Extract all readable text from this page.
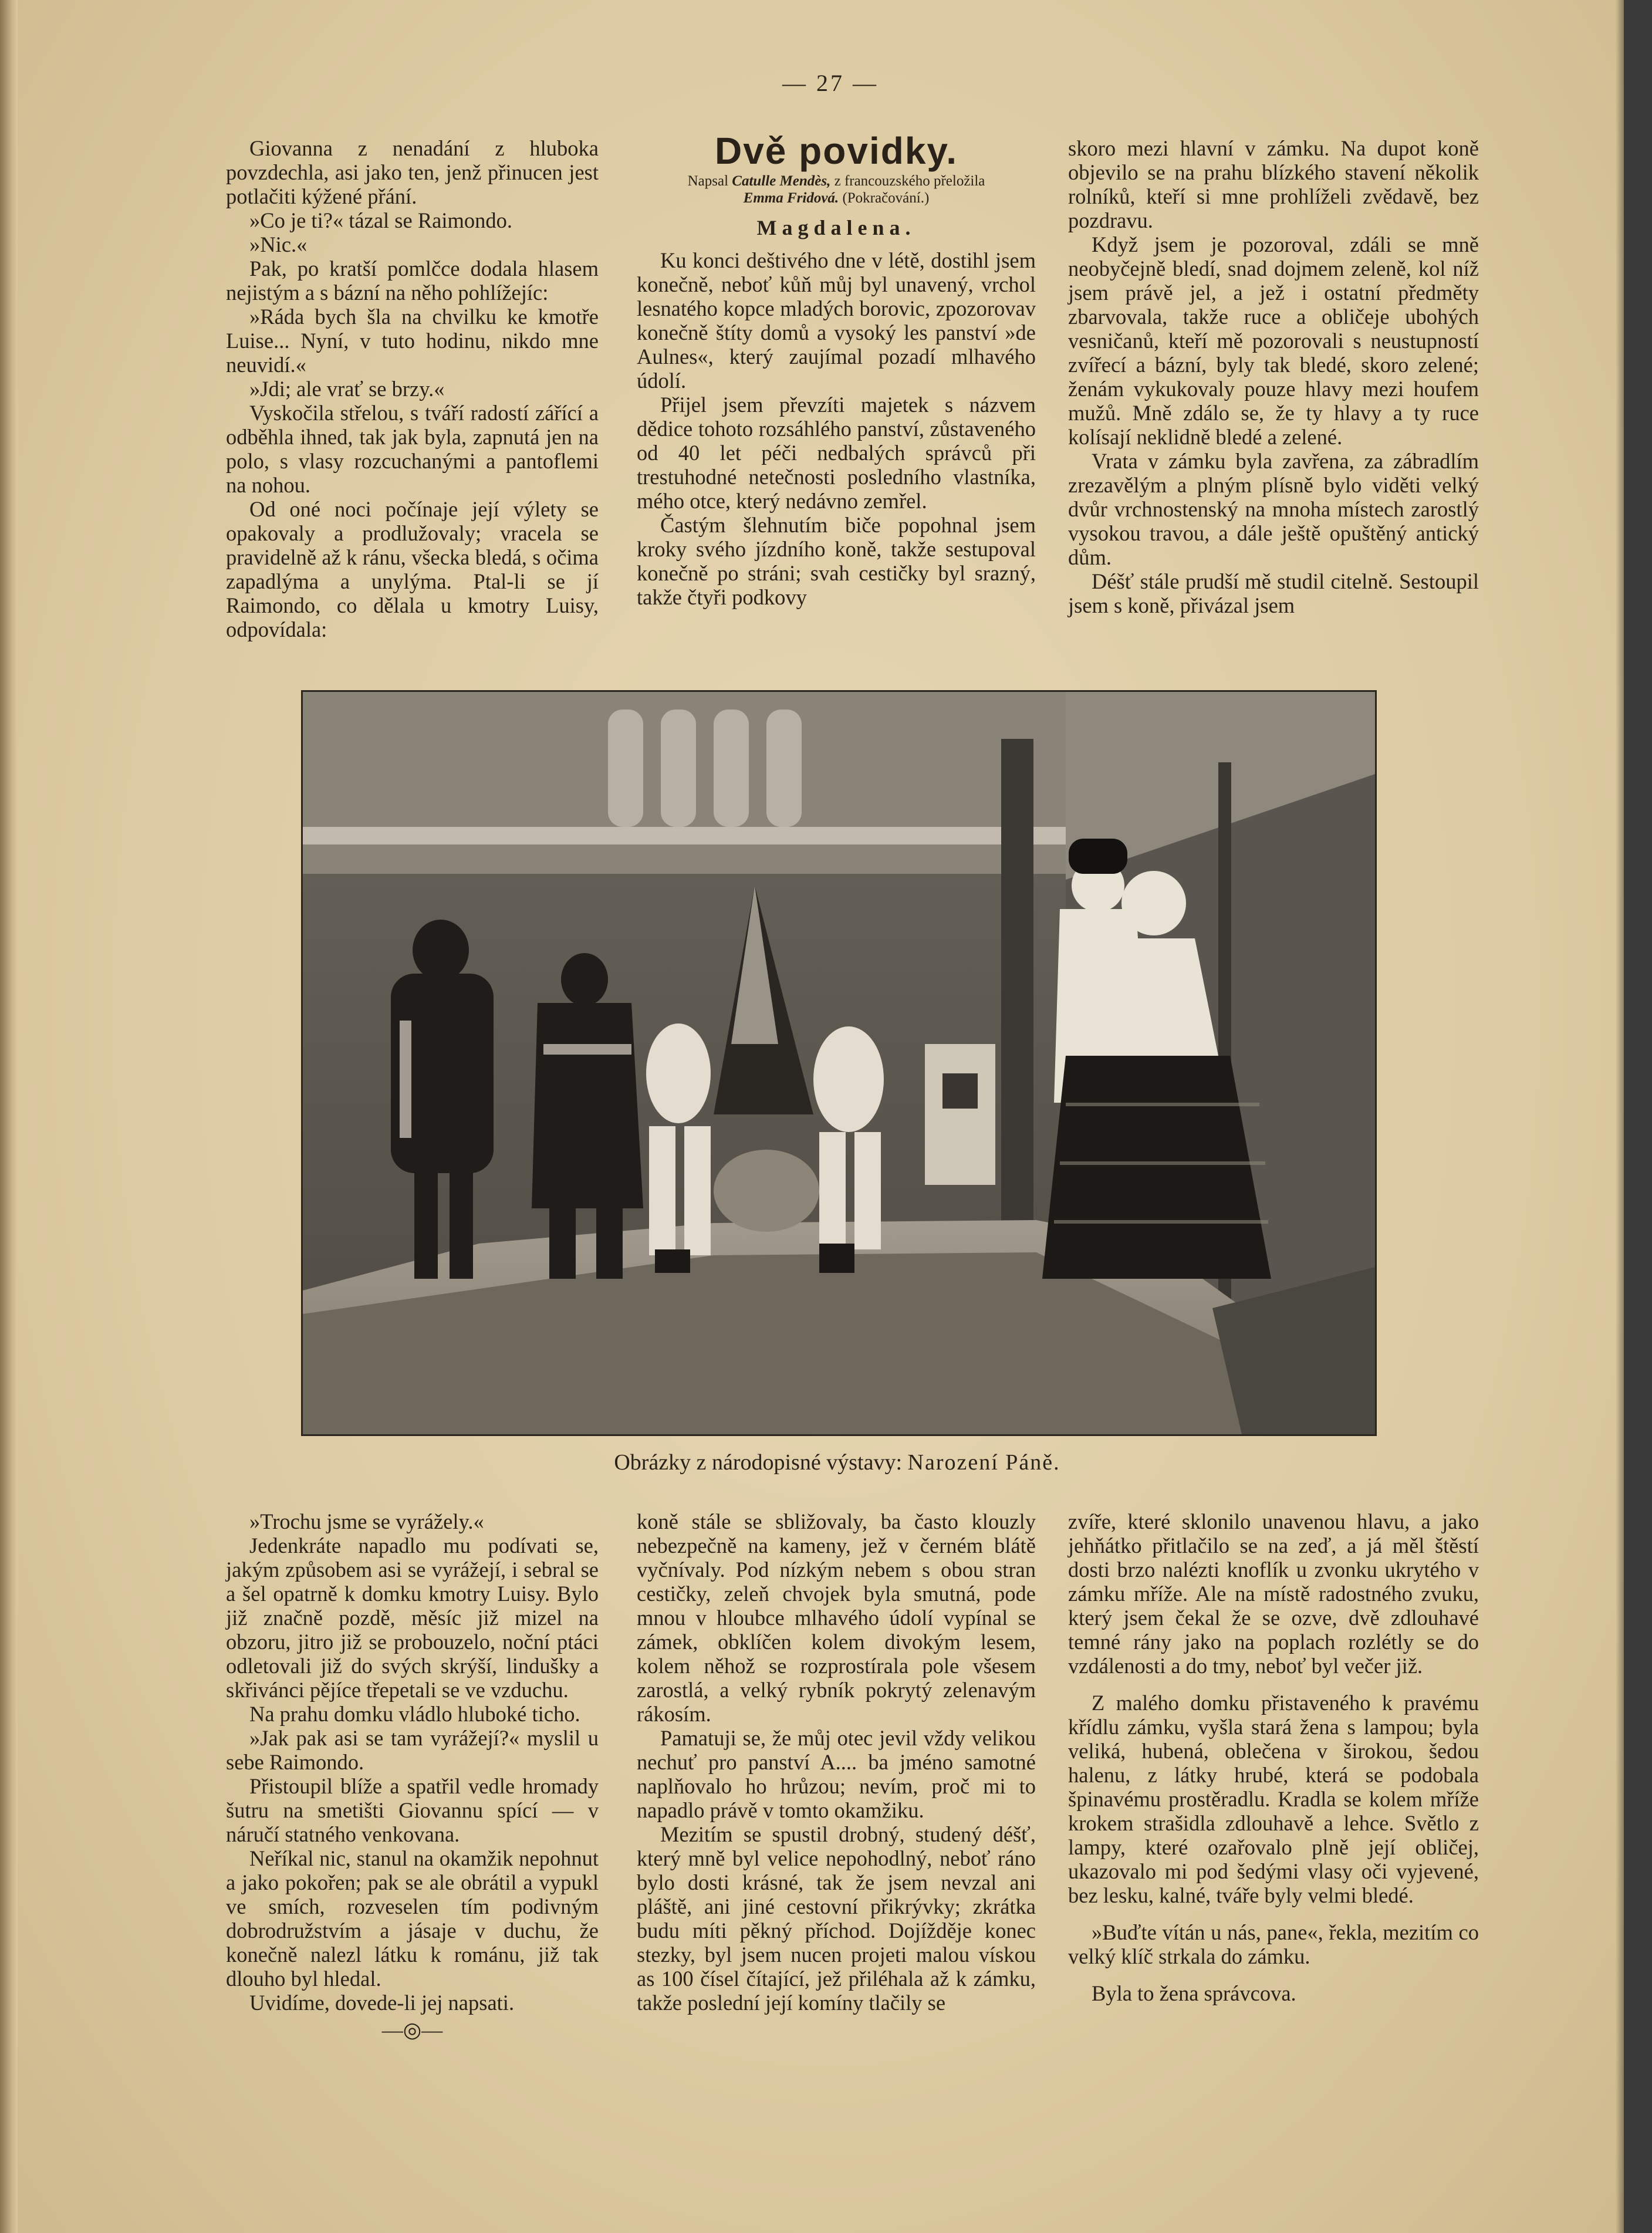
— 27 —

Giovanna z nenadání z hluboka povzdechla, asi jako ten, jenž přinucen jest potlačiti kýžené přání.

»Co je ti?« tázal se Raimondo.

»Nic.«

Pak, po kratší pomlčce dodala hlasem nejistým a s bázní na něho pohlížejíc:

»Ráda bych šla na chvilku ke kmotře Luise... Nyní, v tuto hodinu, nikdo mne neuvidí.«

»Jdi; ale vrať se brzy.«

Vyskočila střelou, s tváří radostí zářící a odběhla ihned, tak jak byla, zapnutá jen na polo, s vlasy rozcuchanými a pantoflemi na nohou.

Od oné noci počínaje její výlety se opakovaly a prodlužovaly; vracela se pravidelně až k ránu, všecka bledá, s očima zapadlýma a unylýma. Ptal-li se jí Raimondo, co dělala u kmotry Luisy, odpovídala:

Dvě povidky.
Napsal Catulle Mendès, z francouzského přeložila
Emma Fridová. (Pokračování.)
Magdalena.

Ku konci deštivého dne v létě, dostihl jsem konečně, neboť kůň můj byl unavený, vrchol lesnatého kopce mladých borovic, zpozorovav konečně štíty domů a vysoký les panství »de Aulnes«, který zaujímal pozadí mlhavého údolí.

Přijel jsem převzíti majetek s názvem dědice tohoto rozsáhlého panství, zůstaveného od 40 let péči nedbalých správců při trestuhodné netečnosti posledního vlastníka, mého otce, který nedávno zemřel.

Častým šlehnutím biče popohnal jsem kroky svého jízdního koně, takže sestupoval konečně po stráni; svah cestičky byl srazný, takže čtyři podkovy

skoro mezi hlavní v zámku. Na dupot koně objevilo se na prahu blízkého stavení několik rolníků, kteří si mne prohlíželi zvědavě, bez pozdravu.

Když jsem je pozoroval, zdáli se mně neobyčejně bledí, snad dojmem zeleně, kol níž jsem právě jel, a jež i ostatní předměty zbarvovala, takže ruce a obličeje ubohých vesničanů, kteří mě pozorovali s neustupností zvířecí a bázní, byly tak bledé, skoro zelené; ženám vykukovaly pouze hlavy mezi houfem mužů. Mně zdálo se, že ty hlavy a ty ruce kolísají neklidně bledé a zelené.

Vrata v zámku byla zavřena, za zábradlím zrezavělým a plným plísně bylo viděti velký dvůr vrchnostenský na mnoha místech zarostlý vysokou travou, a dále ještě opuštěný antický dům.

Déšť stále prudší mě studil citelně. Sestoupil jsem s koně, přivázal jsem

Obrázky z národopisné výstavy: Narození Páně.

»Trochu jsme se vyrážely.«

Jedenkráte napadlo mu podívati se, jakým způsobem asi se vyrážejí, i sebral se a šel opatrně k domku kmotry Luisy. Bylo již značně pozdě, měsíc již mizel na obzoru, jitro již se probouzelo, noční ptáci odletovali již do svých skrýší, lindušky a skřivánci pějíce třepetali se ve vzduchu.

Na prahu domku vládlo hluboké ticho.

»Jak pak asi se tam vyrážejí?« myslil u sebe Raimondo.

Přistoupil blíže a spatřil vedle hromady šutru na smetišti Giovannu spící — v náručí statného venkovana.

Neříkal nic, stanul na okamžik nepohnut a jako pokořen; pak se ale obrátil a vypukl ve smích, rozveselen tím podivným dobrodružstvím a jásaje v duchu, že konečně nalezl látku k románu, již tak dlouho byl hledal.

Uvidíme, dovede-li jej napsati.

—◎—

koně stále se sbližovaly, ba často klouzly nebezpečně na kameny, jež v černém blátě vyčnívaly. Pod nízkým nebem s obou stran cestičky, zeleň chvojek byla smutná, pode mnou v hloubce mlhavého údolí vypínal se zámek, obklíčen kolem divokým lesem, kolem něhož se rozprostírala pole všesem zarostlá, a velký rybník pokrytý zelenavým rákosím.

Pamatuji se, že můj otec jevil vždy velikou nechuť pro panství A.... ba jméno samotné naplňovalo ho hrůzou; nevím, proč mi to napadlo právě v tomto okamžiku.

Mezitím se spustil drobný, studený déšť, který mně byl velice nepohodlný, neboť ráno bylo dosti krásné, tak že jsem nevzal ani pláště, ani jiné cestovní přikrývky; zkrátka budu míti pěkný příchod. Dojížděje konec stezky, byl jsem nucen projeti malou vískou as 100 čísel čítající, jež přiléhala až k zámku, takže poslední její komíny tlačily se

zvíře, které sklonilo unavenou hlavu, a jako jehňátko přitlačilo se na zeď, a já měl štěstí dosti brzo nalézti knoflík u zvonku ukrytého v zámku mříže. Ale na místě radostného zvuku, který jsem čekal že se ozve, dvě zdlouhavé temné rány jako na poplach rozlétly se do vzdálenosti a do tmy, neboť byl večer již.

Z malého domku přistaveného k pravému křídlu zámku, vyšla stará žena s lampou; byla veliká, hubená, oblečena v širokou, šedou halenu, z látky hrubé, která se podobala špinavému prostěradlu. Kradla se kolem mříže krokem strašidla zdlouhavě a lehce. Světlo z lampy, které ozařovalo plně její obličej, ukazovalo mi pod šedými vlasy oči vyjevené, bez lesku, kalné, tváře byly velmi bledé.

»Buďte vítán u nás, pane«, řekla, mezitím co velký klíč strkala do zámku.

Byla to žena správcova.
